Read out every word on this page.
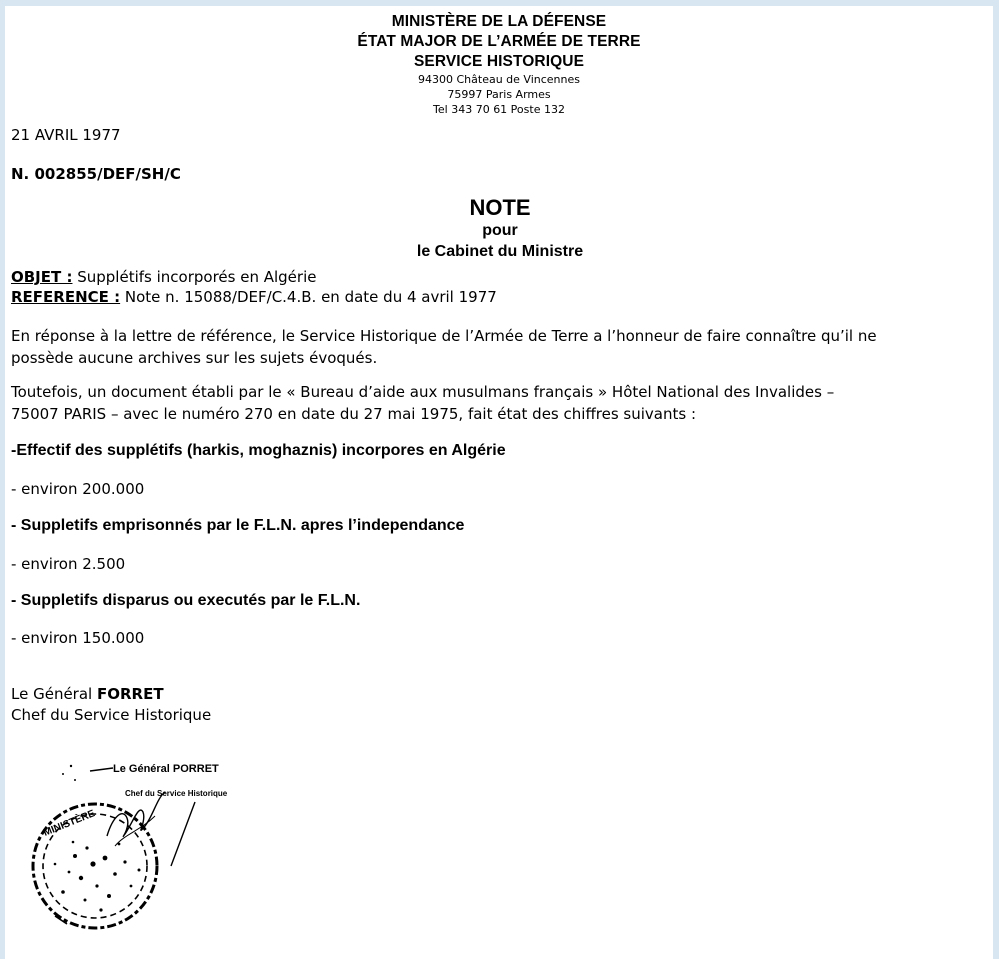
MINISTÈRE DE LA DÉFENSE
ÉTAT MAJOR DE L’ARMÉE DE TERRE
SERVICE HISTORIQUE
94300 Château de Vincennes
75997 Paris Armes
Tel 343 70 61 Poste 132
21 AVRIL 1977
N. 002855/DEF/SH/C
NOTE
pour
le Cabinet du Ministre
OBJET : Supplétifs incorporés en Algérie
REFERENCE : Note n. 15088/DEF/C.4.B. en date du 4 avril 1977
En réponse à la lettre de référence, le Service Historique de l’Armée de Terre a l’honneur de faire connaître qu’il ne
possède aucune archives sur les sujets évoqués.
Toutefois, un document établi par le « Bureau d’aide aux musulmans français » Hôtel National des Invalides –
75007 PARIS – avec le numéro 270 en date du 27 mai 1975, fait état des chiffres suivants :
-Effectif des supplétifs (harkis, moghaznis) incorpores en Algérie
- environ 200.000
- Suppletifs emprisonnés par le F.L.N. apres l’independance
- environ 2.500
- Suppletifs disparus ou executés par le F.L.N.
- environ 150.000
Le Général FORRET
Chef du Service Historique
Le Général PORRET
Chef du Service Historique
MINISTÈRE
